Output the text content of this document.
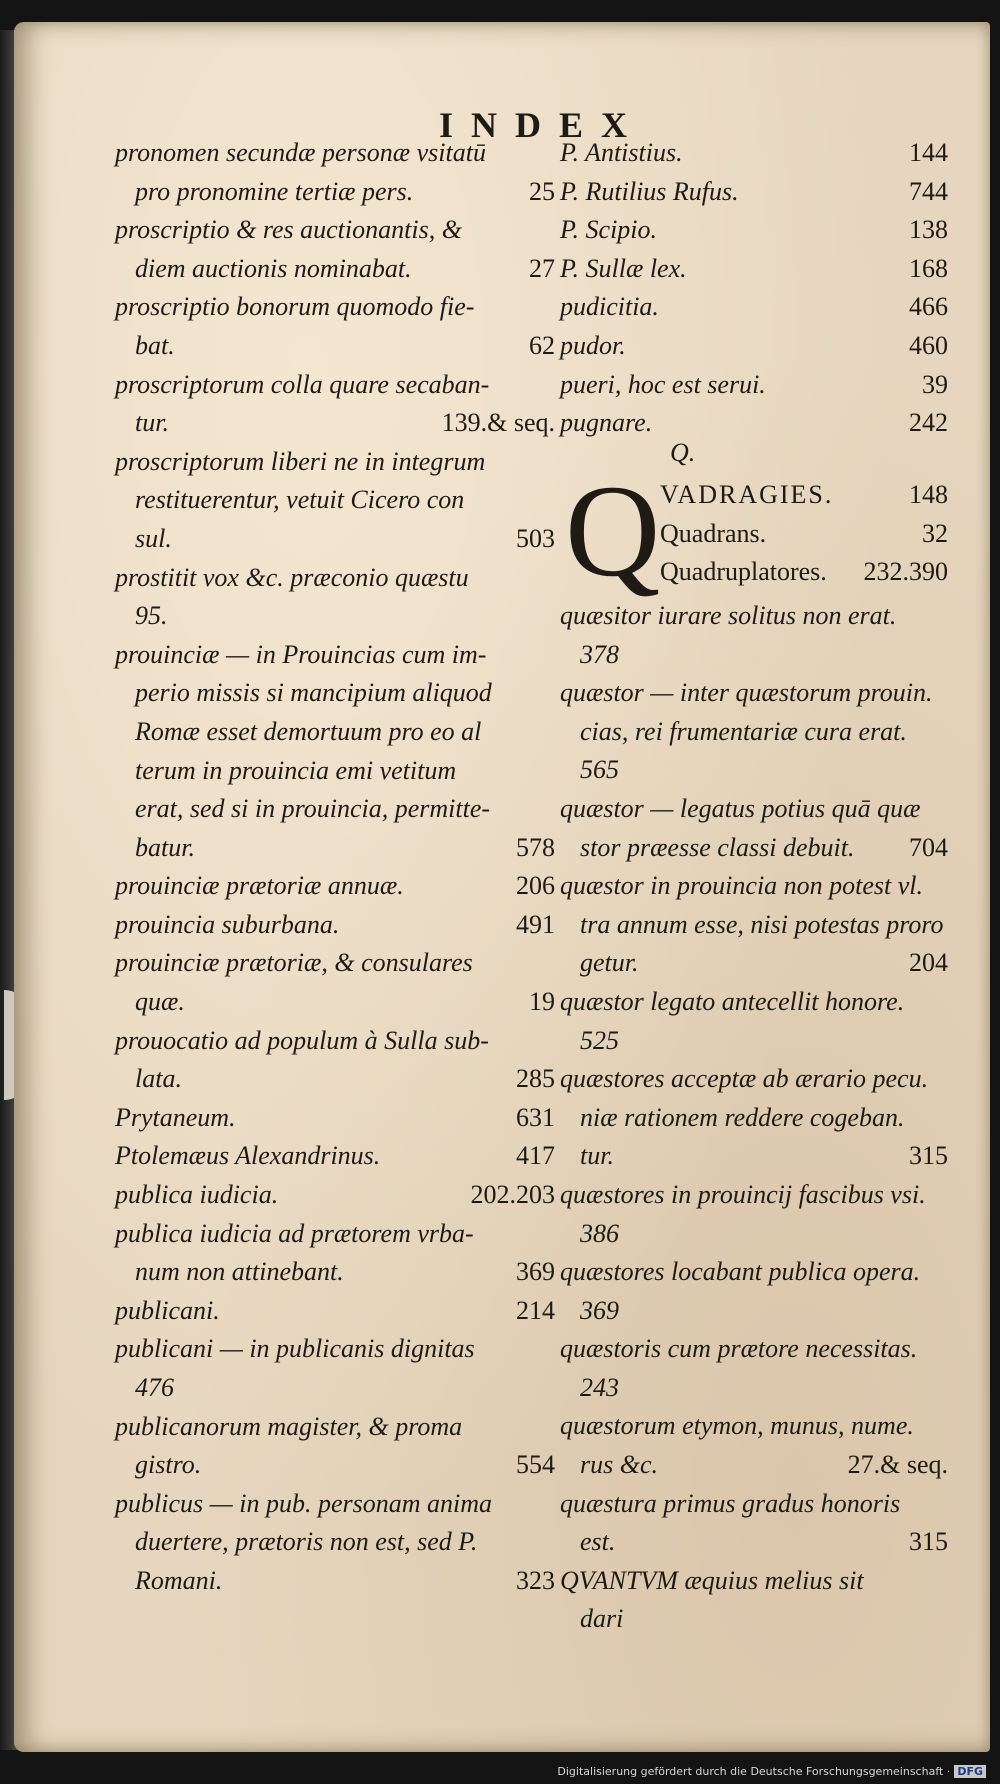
INDEX
pronomen secundæ personæ vsitatū
pro pronomine tertiæ pers.	25
proscriptio & res auctionantis, &
diem auctionis nominabat.	27
proscriptio bonorum quomodo fie-
bat.	62
proscriptorum colla quare secaban-
tur.	139.& seq.
proscriptorum liberi ne in integrum
restituerentur, vetuit Cicero con
sul.	503
prostitit vox &c. præconio quæstu
95.
prouinciæ — in Prouincias cum im-
perio missis si mancipium aliquod
Romæ esset demortuum pro eo al
terum in prouincia emi vetitum
erat, sed si in prouincia, permitte-
batur.	578
prouinciæ prætoriæ annuæ.	206
prouincia suburbana.	491
prouinciæ prætoriæ, & consulares
quæ.	19
prouocatio ad populum à Sulla sub-
lata.	285
Prytaneum.	631
Ptolemæus Alexandrinus.	417
publica iudicia.	202.203
publica iudicia ad prætorem vrba-
num non attinebant.	369
publicani.	214
publicani — in publicanis dignitas
476
publicanorum magister, & proma
gistro.	554
publicus — in pub. personam anima
duertere, prætoris non est, sed P.
Romani.	323
P. Antistius.	144
P. Rutilius Rufus.	744
P. Scipio.	138
P. Sullæ lex.	168
pudicitia.	466
pudor.	460
pueri, hoc est serui.	39
pugnare.	242
Q.
Q VADRAGIES.	148
Quadrans.	32
Quadruplatores. 232.390
quæsitor iurare solitus non erat.
378
quæstor — inter quæstorum prouin.
cias, rei frumentariæ cura erat.
565
quæstor — legatus potius quā quæ
stor præesse classi debuit. 704
quæstor in prouincia non potest vl.
tra annum esse, nisi potestas proro
getur.	204
quæstor legato antecellit honore.
525
quæstores acceptæ ab ærario pecu.
niæ rationem reddere cogeban.
tur.	315
quæstores in prouincij fascibus vsi.
386
quæstores locabant publica opera.
369
quæstoris cum prætore necessitas.
243
quæstorum etymon, munus, nume.
rus &c.	27.& seq.
quæstura primus gradus honoris
est.	315
QVANTVM æquius melius sit
dari
Digitalisierung gefördert durch die Deutsche Forschungsgemeinschaft · DFG
